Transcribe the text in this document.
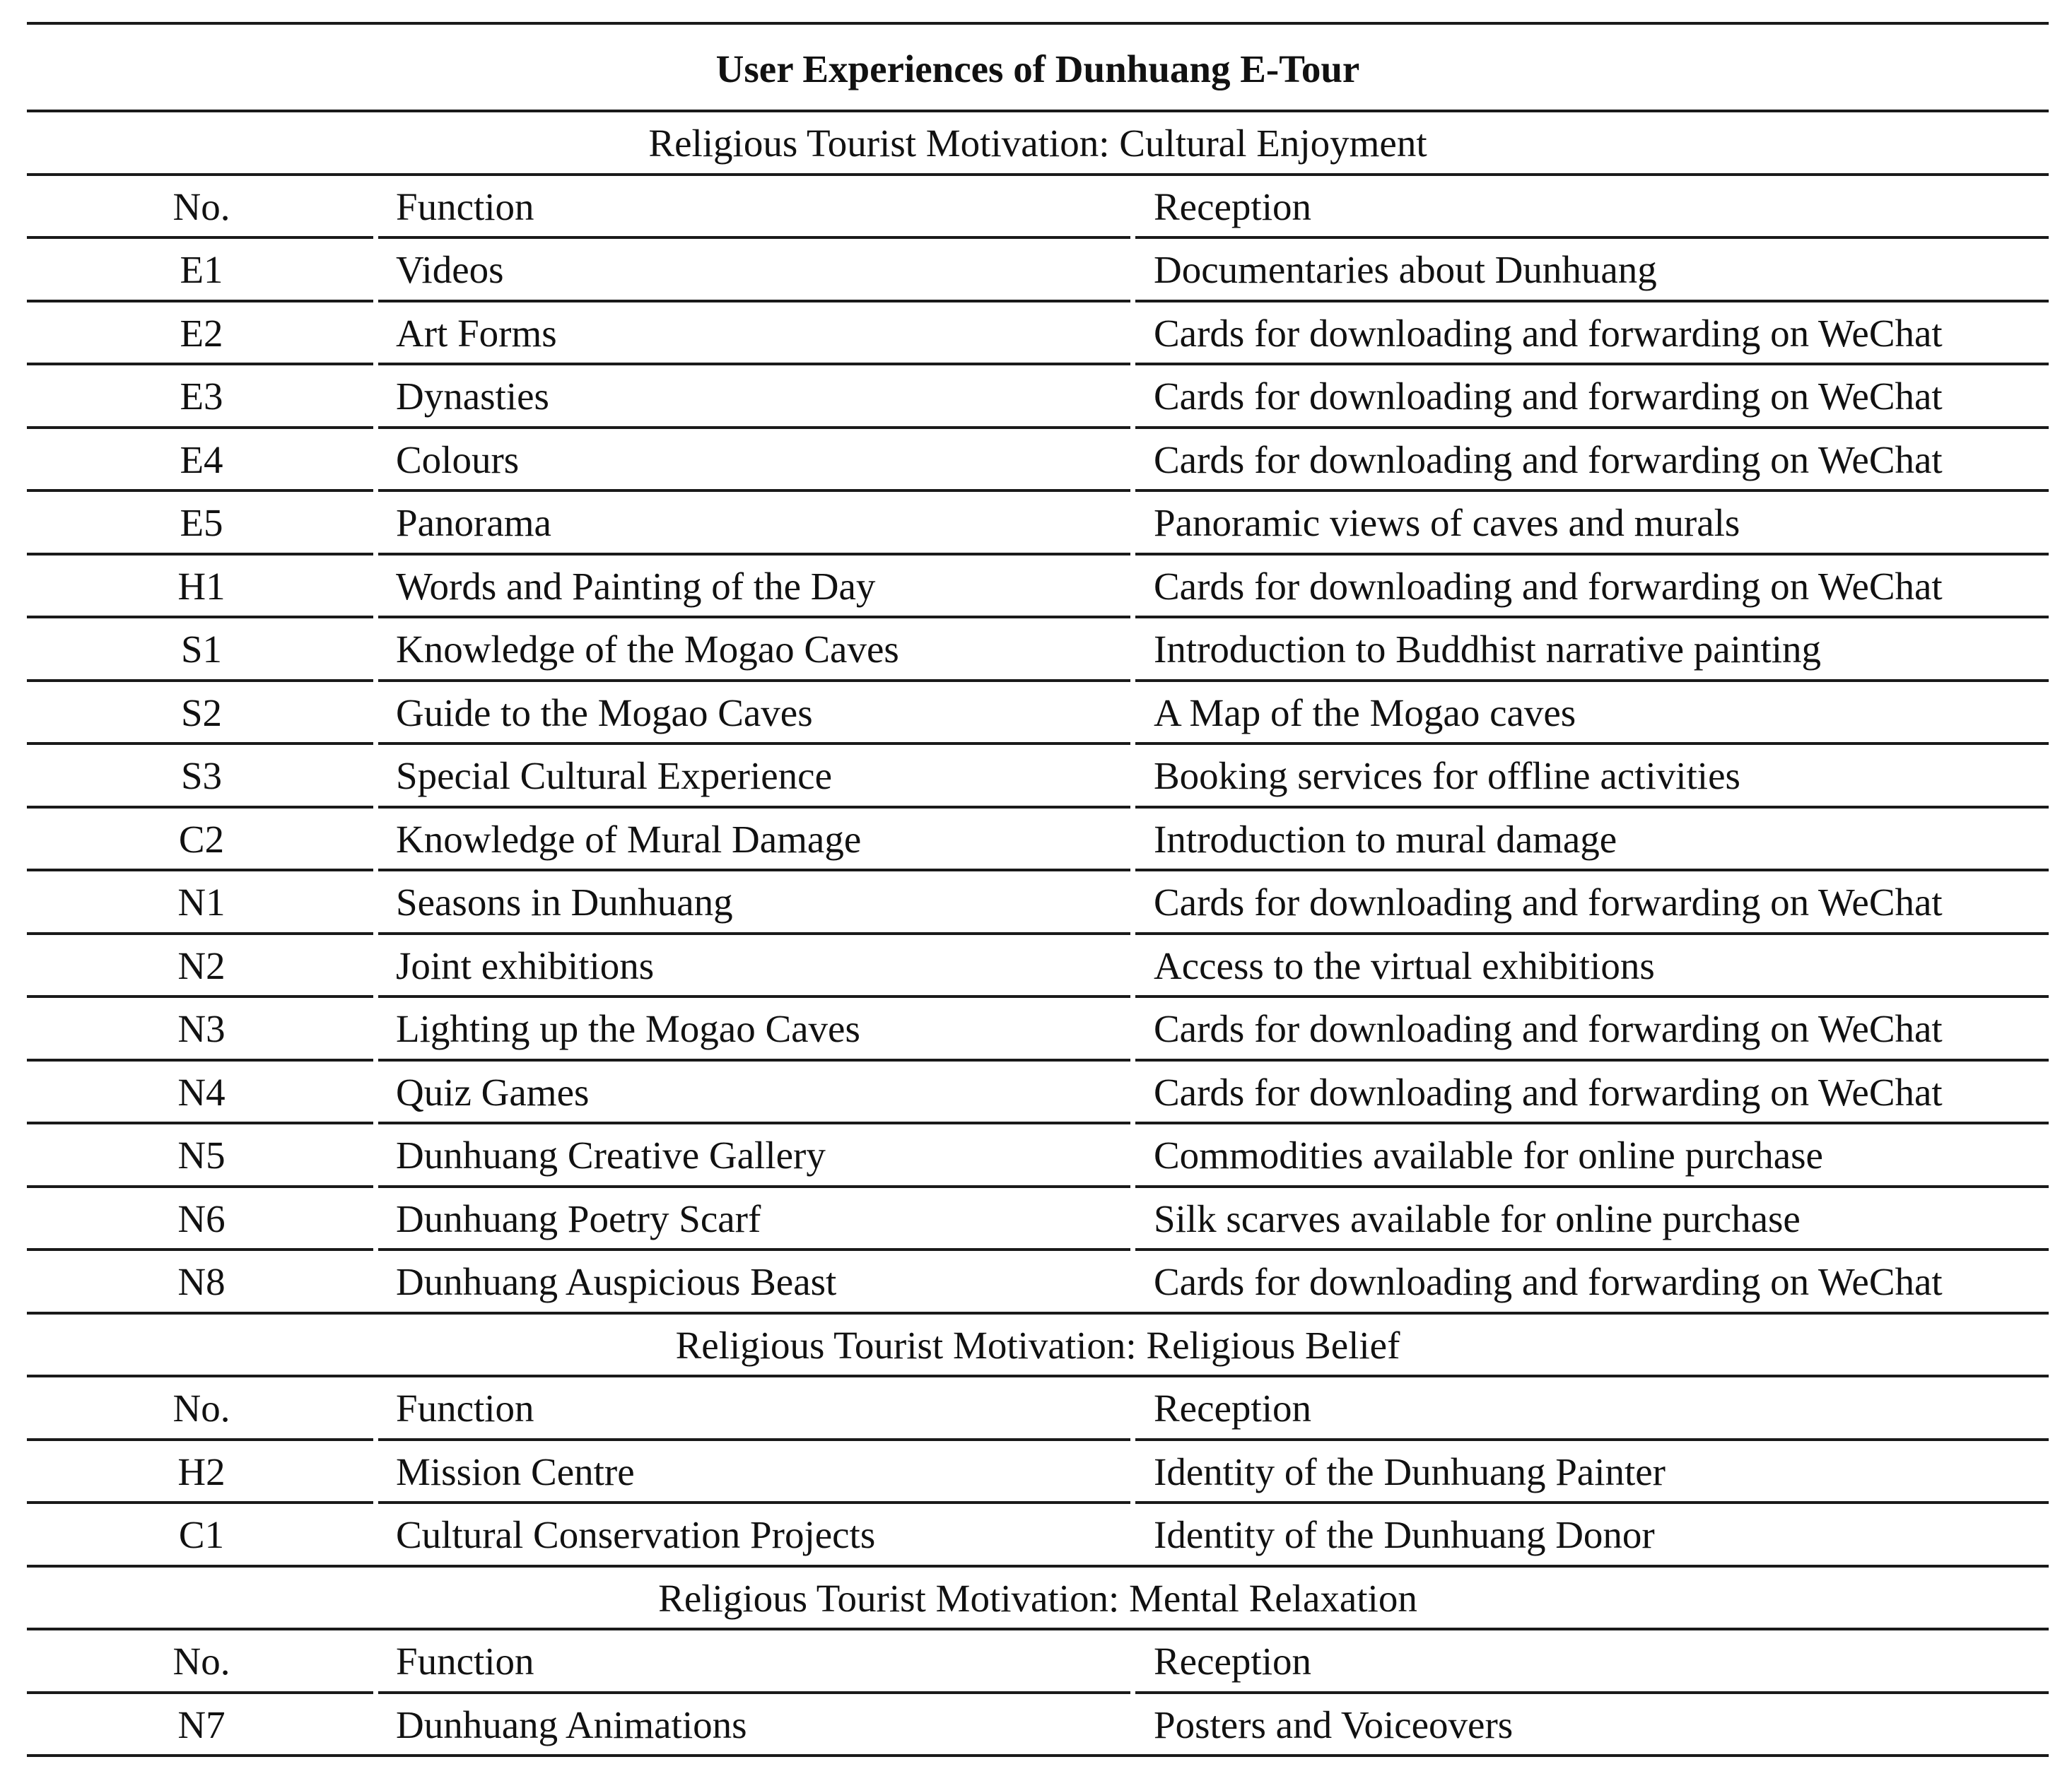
User Experiences of Dunhuang E-Tour
Religious Tourist Motivation: Cultural Enjoyment
No.	Function	Reception
E1	Videos	Documentaries about Dunhuang
E2	Art Forms	Cards for downloading and forwarding on WeChat
E3	Dynasties	Cards for downloading and forwarding on WeChat
E4	Colours	Cards for downloading and forwarding on WeChat
E5	Panorama	Panoramic views of caves and murals
H1	Words and Painting of the Day	Cards for downloading and forwarding on WeChat
S1	Knowledge of the Mogao Caves	Introduction to Buddhist narrative painting
S2	Guide to the Mogao Caves	A Map of the Mogao caves
S3	Special Cultural Experience	Booking services for offline activities
C2	Knowledge of Mural Damage	Introduction to mural damage
N1	Seasons in Dunhuang	Cards for downloading and forwarding on WeChat
N2	Joint exhibitions	Access to the virtual exhibitions
N3	Lighting up the Mogao Caves	Cards for downloading and forwarding on WeChat
N4	Quiz Games	Cards for downloading and forwarding on WeChat
N5	Dunhuang Creative Gallery	Commodities available for online purchase
N6	Dunhuang Poetry Scarf	Silk scarves available for online purchase
N8	Dunhuang Auspicious Beast	Cards for downloading and forwarding on WeChat
Religious Tourist Motivation: Religious Belief
No.	Function	Reception
H2	Mission Centre	Identity of the Dunhuang Painter
C1	Cultural Conservation Projects	Identity of the Dunhuang Donor
Religious Tourist Motivation: Mental Relaxation
No.	Function	Reception
N7	Dunhuang Animations	Posters and Voiceovers
